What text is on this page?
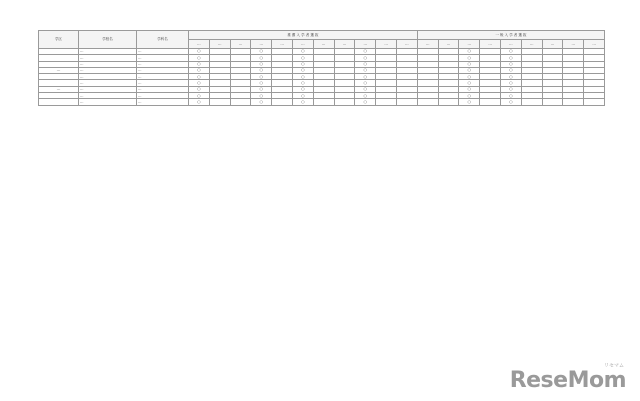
学区	学校名	学科名	推 薦 入 学 者 選 抜											一 般 入 学 者 選 抜								
			…	…	…	…	…	…	…	…	…	…	…	…	…	…	…	…	…	…	…	…
	…	…	○			○		○			○					○		○				
	…	…	○			○		○			○					○		○				
	…	…	○			○		○			○					○		○				
…	…	…	○			○		○			○					○		○				
	…	…	○			○		○			○					○		○				
	…	…	○			○		○			○					○		○				
…	…	…	○			○		○			○					○		○				
	…	…	○			○		○			○					○		○				
	…	…	○			○		○			○					○		○				
リセマム
ReseMom
